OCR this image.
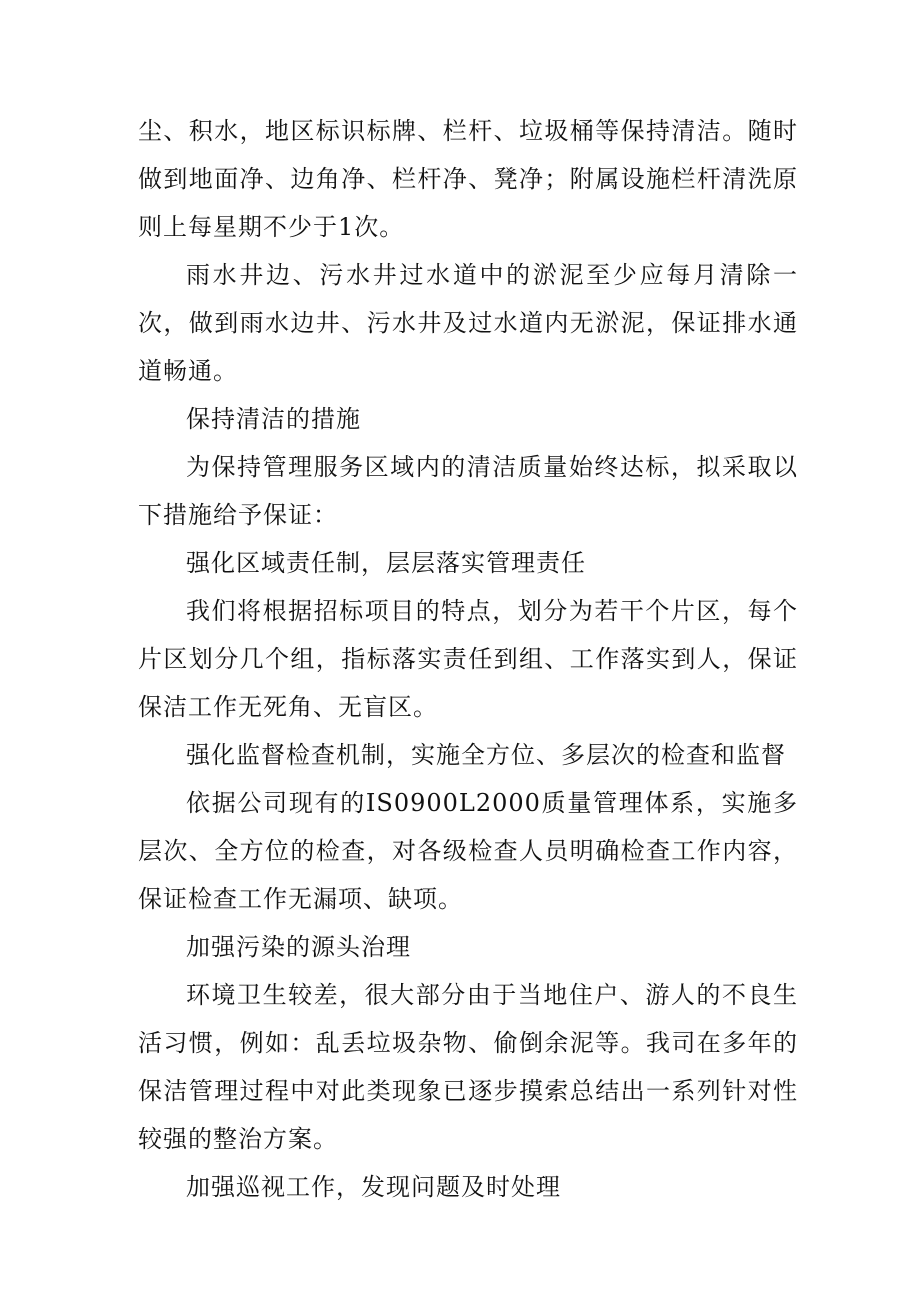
尘、积水，地区标识标牌、栏杆、垃圾桶等保持清洁。随时做到地面净、边角净、栏杆净、凳净；附属设施栏杆清洗原则上每星期不少于1次。

雨水井边、污水井过水道中的淤泥至少应每月清除一次，做到雨水边井、污水井及过水道内无淤泥，保证排水通道畅通。

保持清洁的措施

为保持管理服务区域内的清洁质量始终达标，拟采取以下措施给予保证：

强化区域责任制，层层落实管理责任

我们将根据招标项目的特点，划分为若干个片区，每个片区划分几个组，指标落实责任到组、工作落实到人，保证保洁工作无死角、无盲区。

强化监督检查机制，实施全方位、多层次的检查和监督

依据公司现有的IS0900L2000质量管理体系，实施多层次、全方位的检查，对各级检查人员明确检查工作内容，保证检查工作无漏项、缺项。

加强污染的源头治理

环境卫生较差，很大部分由于当地住户、游人的不良生活习惯，例如：乱丢垃圾杂物、偷倒余泥等。我司在多年的保洁管理过程中对此类现象已逐步摸索总结出一系列针对性较强的整治方案。

加强巡视工作，发现问题及时处理
